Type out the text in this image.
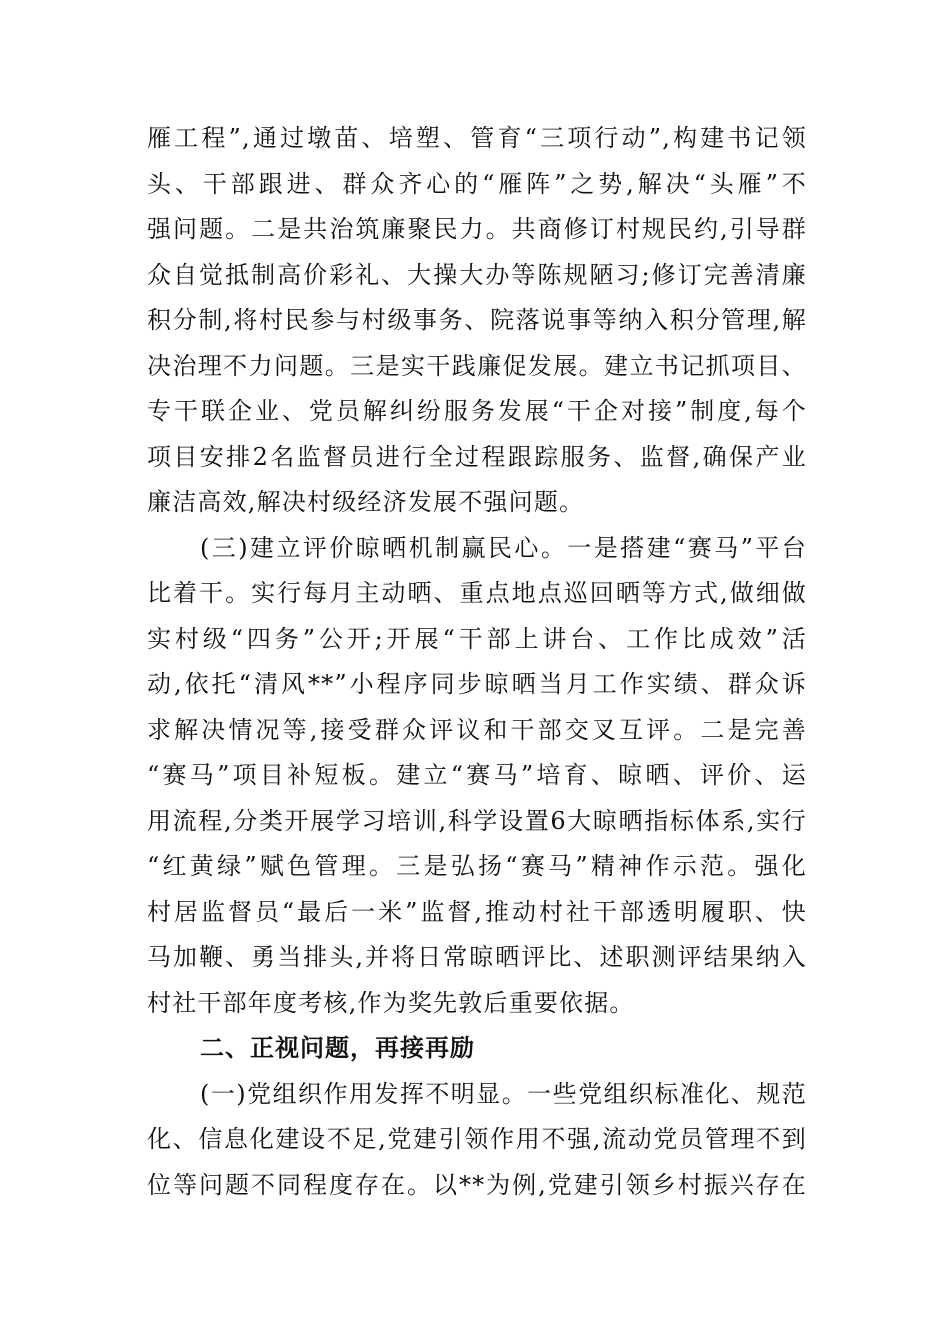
雁工程”,通过墩苗、培塑、管育“三项行动”,构建书记领
头、干部跟进、群众齐心的“雁阵”之势,解决“头雁”不
强问题。二是共治筑廉聚民力。共商修订村规民约,引导群
众自觉抵制高价彩礼、大操大办等陈规陋习;修订完善清廉
积分制,将村民参与村级事务、院落说事等纳入积分管理,解
决治理不力问题。三是实干践廉促发展。建立书记抓项目、
专干联企业、党员解纠纷服务发展“干企对接”制度,每个
项目安排2名监督员进行全过程跟踪服务、监督,确保产业
廉洁高效,解决村级经济发展不强问题。

(三)建立评价晾晒机制赢民心。一是搭建“赛马”平台
比着干。实行每月主动晒、重点地点巡回晒等方式,做细做
实村级“四务”公开;开展“干部上讲台、工作比成效”活
动,依托“清风**”小程序同步晾晒当月工作实绩、群众诉
求解决情况等,接受群众评议和干部交叉互评。二是完善
“赛马”项目补短板。建立“赛马”培育、晾晒、评价、运
用流程,分类开展学习培训,科学设置6大晾晒指标体系,实行
“红黄绿”赋色管理。三是弘扬“赛马”精神作示范。强化
村居监督员“最后一米”监督,推动村社干部透明履职、快
马加鞭、勇当排头,并将日常晾晒评比、述职测评结果纳入
村社干部年度考核,作为奖先敦后重要依据。

二、正视问题，再接再励

(一)党组织作用发挥不明显。一些党组织标准化、规范
化、信息化建设不足,党建引领作用不强,流动党员管理不到
位等问题不同程度存在。以**为例,党建引领乡村振兴存在
